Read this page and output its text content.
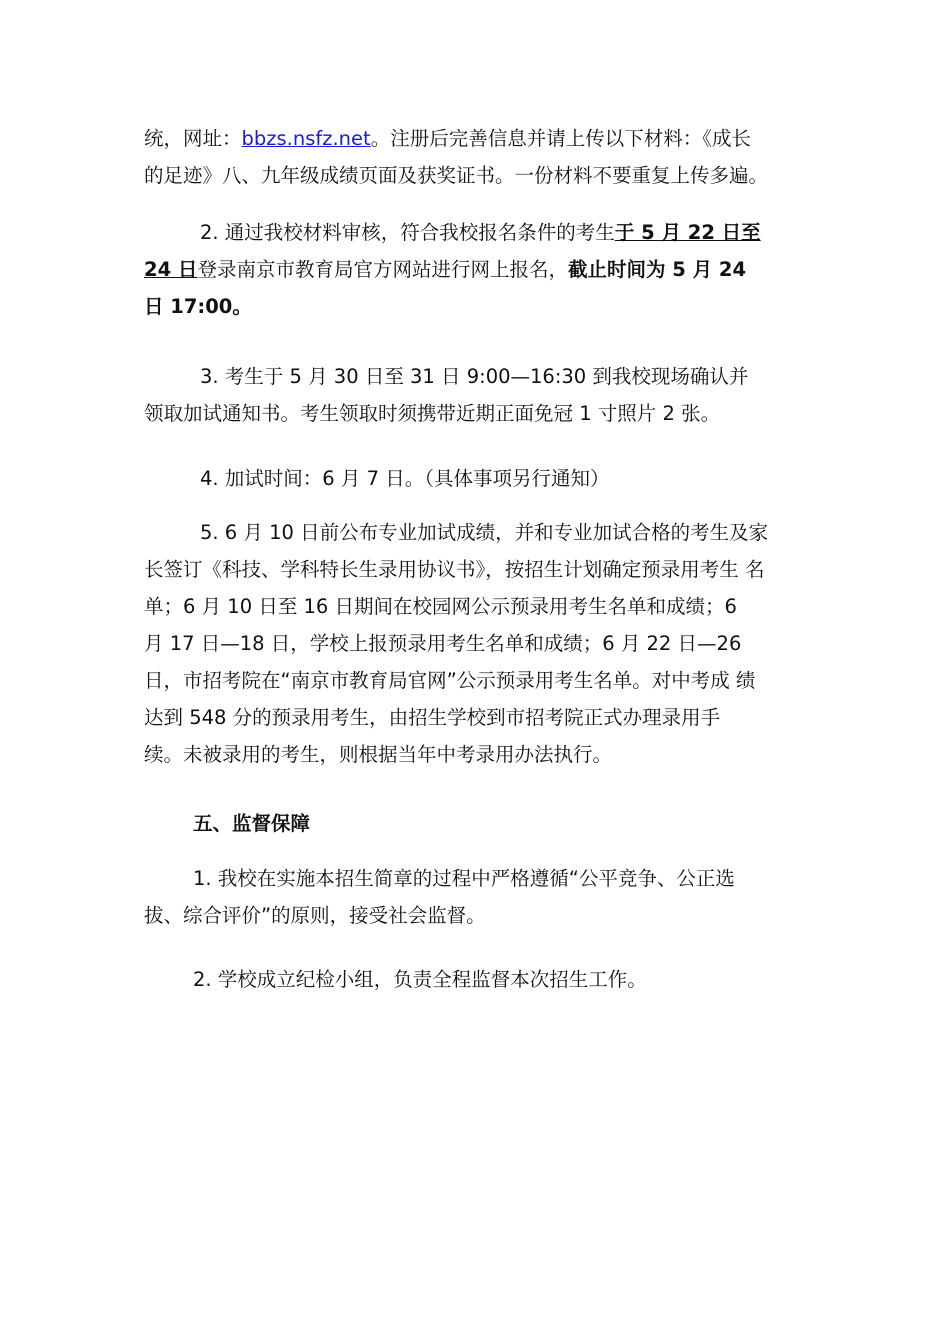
统，网址：bbzs.nsfz.net。注册后完善信息并请上传以下材料：《成长
的足迹》八、九年级成绩页面及获奖证书。一份材料不要重复上传多遍。
2. 通过我校材料审核，符合我校报名条件的考生于 5 月 22 日至
24 日登录南京市教育局官方网站进行网上报名，截止时间为 5 月 24
日 17:00。
3. 考生于 5 月 30 日至 31 日 9:00—16:30 到我校现场确认并
领取加试通知书。考生领取时须携带近期正面免冠 1 寸照片 2 张。
4. 加试时间：6 月 7 日。（具体事项另行通知）
5. 6 月 10 日前公布专业加试成绩，并和专业加试合格的考生及家
长签订《科技、学科特长生录用协议书》，按招生计划确定预录用考生 名
单；6 月 10 日至 16 日期间在校园网公示预录用考生名单和成绩；6
月 17 日—18 日，学校上报预录用考生名单和成绩；6 月 22 日—26
日，市招考院在“南京市教育局官网”公示预录用考生名单。对中考成 绩
达到 548 分的预录用考生，由招生学校到市招考院正式办理录用手
续。未被录用的考生，则根据当年中考录用办法执行。
五、监督保障
1. 我校在实施本招生简章的过程中严格遵循“公平竞争、公正选
拔、综合评价”的原则，接受社会监督。
2. 学校成立纪检小组，负责全程监督本次招生工作。
